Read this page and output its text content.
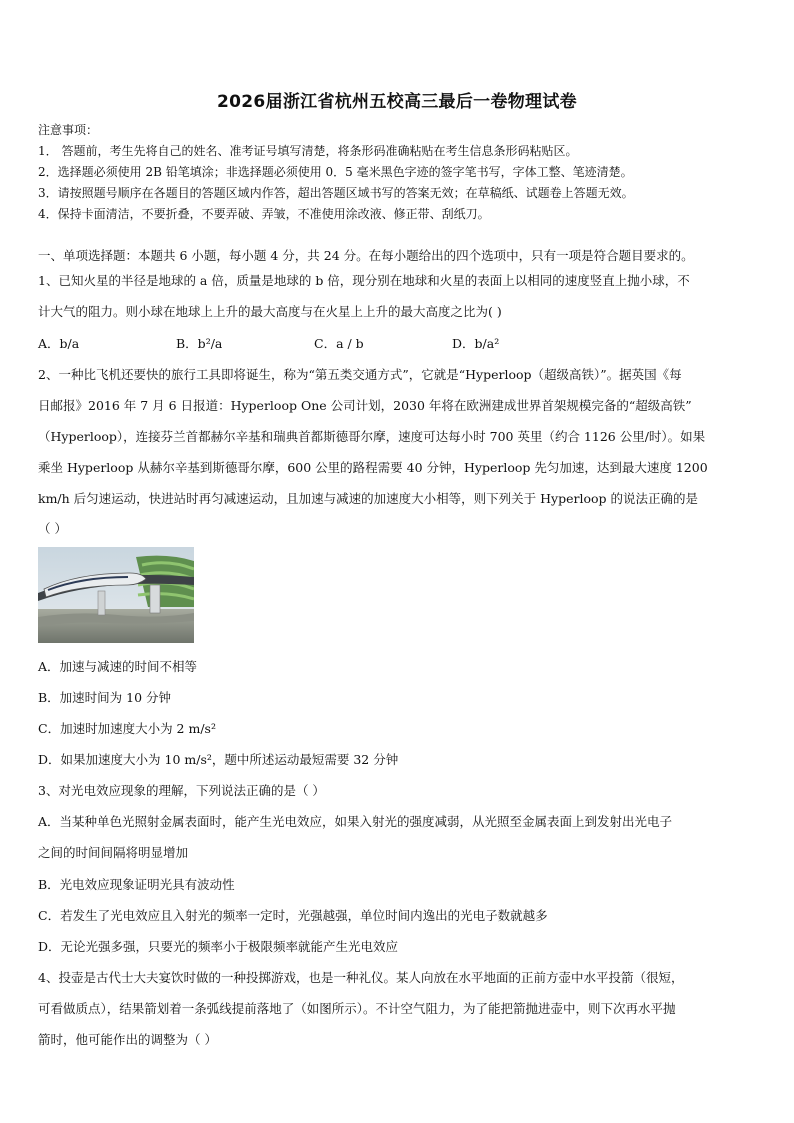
2026届浙江省杭州五校高三最后一卷物理试卷
注意事项：
1． 答题前，考生先将自己的姓名、准考证号填写清楚，将条形码准确粘贴在考生信息条形码粘贴区。
2．选择题必须使用 2B 铅笔填涂；非选择题必须使用 0．5 毫米黑色字迹的签字笔书写，字体工整、笔迹清楚。
3．请按照题号顺序在各题目的答题区域内作答，超出答题区域书写的答案无效；在草稿纸、试题卷上答题无效。
4．保持卡面清洁，不要折叠，不要弄破、弄皱，不准使用涂改液、修正带、刮纸刀。
一、单项选择题：本题共 6 小题，每小题 4 分，共 24 分。在每小题给出的四个选项中，只有一项是符合题目要求的。
1、已知火星的半径是地球的 a 倍，质量是地球的 b 倍，现分别在地球和火星的表面上以相同的速度竖直上抛小球，不
计大气的阻力。则小球在地球上上升的最大高度与在火星上上升的最大高度之比为( )
A．b/a	B．b²/a	C．a / b	D．b/a²
2、一种比飞机还要快的旅行工具即将诞生，称为“第五类交通方式”，它就是“Hyperloop（超级高铁）”。据英国《每
日邮报》2016 年 7 月 6 日报道：Hyperloop One 公司计划，2030 年将在欧洲建成世界首架规模完备的“超级高铁”
（Hyperloop），连接芬兰首都赫尔辛基和瑞典首都斯德哥尔摩，速度可达每小时 700 英里（约合 1126 公里/时）。如果
乘坐 Hyperloop 从赫尔辛基到斯德哥尔摩，600 公里的路程需要 40 分钟，Hyperloop 先匀加速，达到最大速度 1200
km/h 后匀速运动，快进站时再匀减速运动，且加速与减速的加速度大小相等，则下列关于 Hyperloop 的说法正确的是
（ ）
A．加速与减速的时间不相等
B．加速时间为 10 分钟
C．加速时加速度大小为 2 m/s²
D．如果加速度大小为 10 m/s²，题中所述运动最短需要 32 分钟
3、对光电效应现象的理解，下列说法正确的是（ ）
A．当某种单色光照射金属表面时，能产生光电效应，如果入射光的强度减弱，从光照至金属表面上到发射出光电子
之间的时间间隔将明显增加
B．光电效应现象证明光具有波动性
C．若发生了光电效应且入射光的频率一定时，光强越强，单位时间内逸出的光电子数就越多
D．无论光强多强，只要光的频率小于极限频率就能产生光电效应
4、投壶是古代士大夫宴饮时做的一种投掷游戏，也是一种礼仪。某人向放在水平地面的正前方壶中水平投箭（很短，
可看做质点），结果箭划着一条弧线提前落地了（如图所示）。不计空气阻力，为了能把箭抛进壶中，则下次再水平抛
箭时，他可能作出的调整为（ ）
